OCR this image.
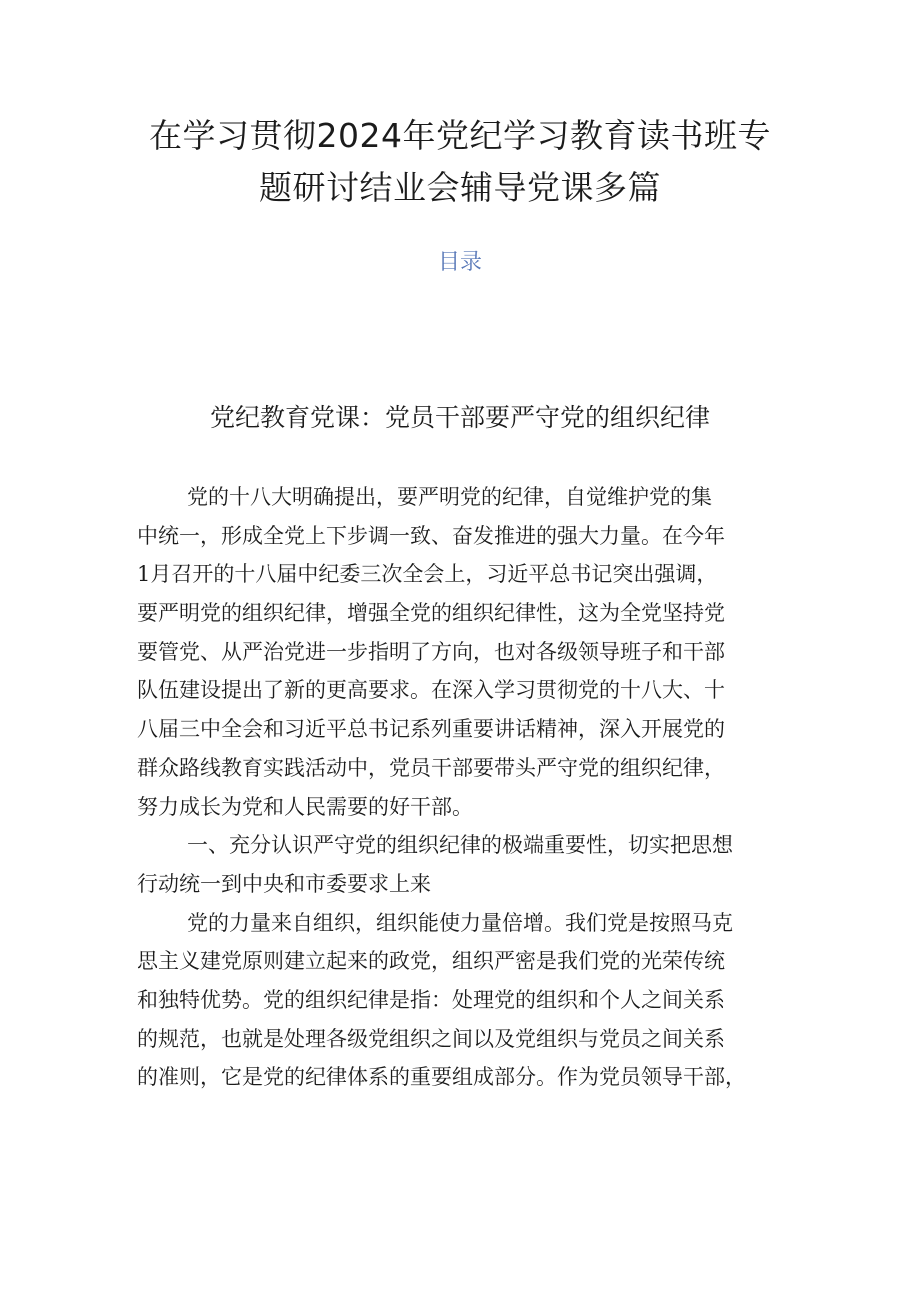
在学习贯彻2024年党纪学习教育读书班专
题研讨结业会辅导党课多篇
目录
党纪教育党课：党员干部要严守党的组织纪律
党的十八大明确提出，要严明党的纪律，自觉维护党的集
中统一，形成全党上下步调一致、奋发推进的强大力量。在今年
1月召开的十八届中纪委三次全会上，习近平总书记突出强调，
要严明党的组织纪律，增强全党的组织纪律性，这为全党坚持党
要管党、从严治党进一步指明了方向，也对各级领导班子和干部
队伍建设提出了新的更高要求。在深入学习贯彻党的十八大、十
八届三中全会和习近平总书记系列重要讲话精神，深入开展党的
群众路线教育实践活动中，党员干部要带头严守党的组织纪律，
努力成长为党和人民需要的好干部。
一、充分认识严守党的组织纪律的极端重要性，切实把思想
行动统一到中央和市委要求上来
党的力量来自组织，组织能使力量倍增。我们党是按照马克
思主义建党原则建立起来的政党，组织严密是我们党的光荣传统
和独特优势。党的组织纪律是指：处理党的组织和个人之间关系
的规范，也就是处理各级党组织之间以及党组织与党员之间关系
的准则，它是党的纪律体系的重要组成部分。作为党员领导干部，
